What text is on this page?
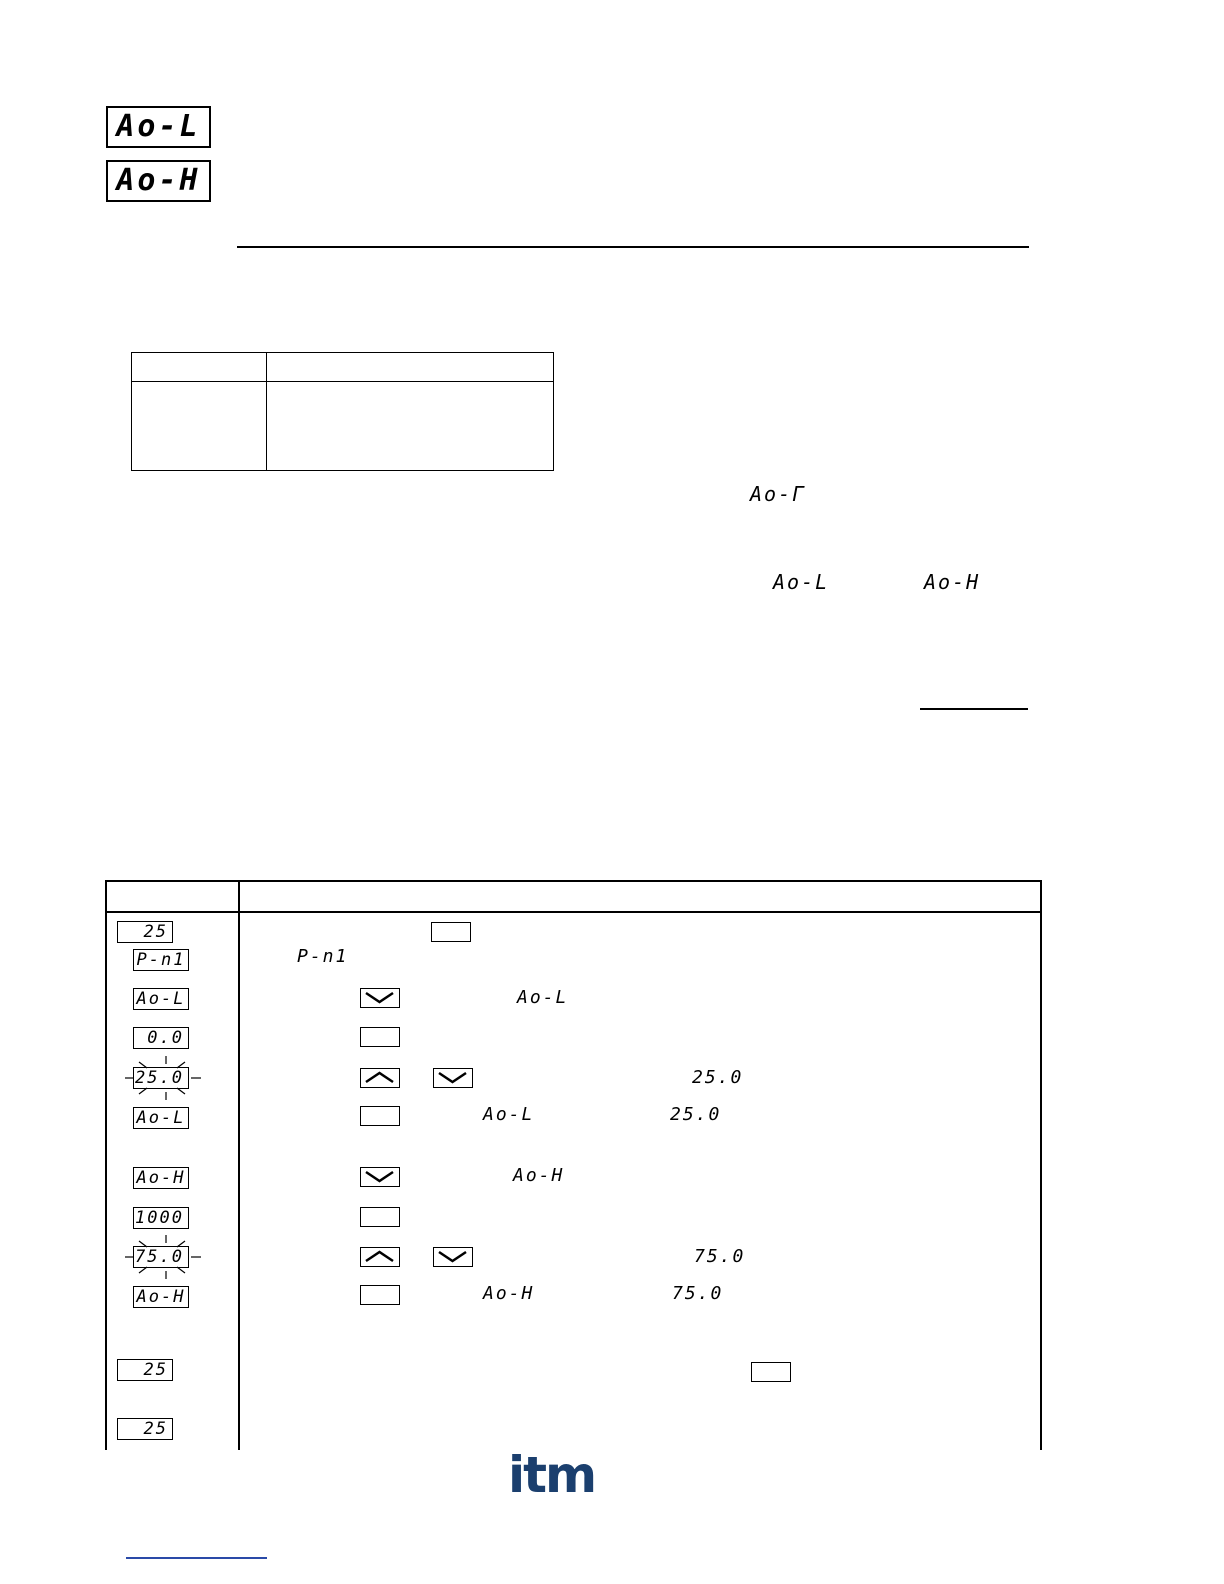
Ao-L
Ao-H

Ao-Γ
Ao-L	Ao-H
25
P-n1	P-n1
Ao-L	Ao-L
0.0
25.0	25.0
Ao-L	Ao-L	25.0
Ao-H	Ao-H
1000
75.0	75.0
Ao-H	Ao-H	75.0
25
25
itm
